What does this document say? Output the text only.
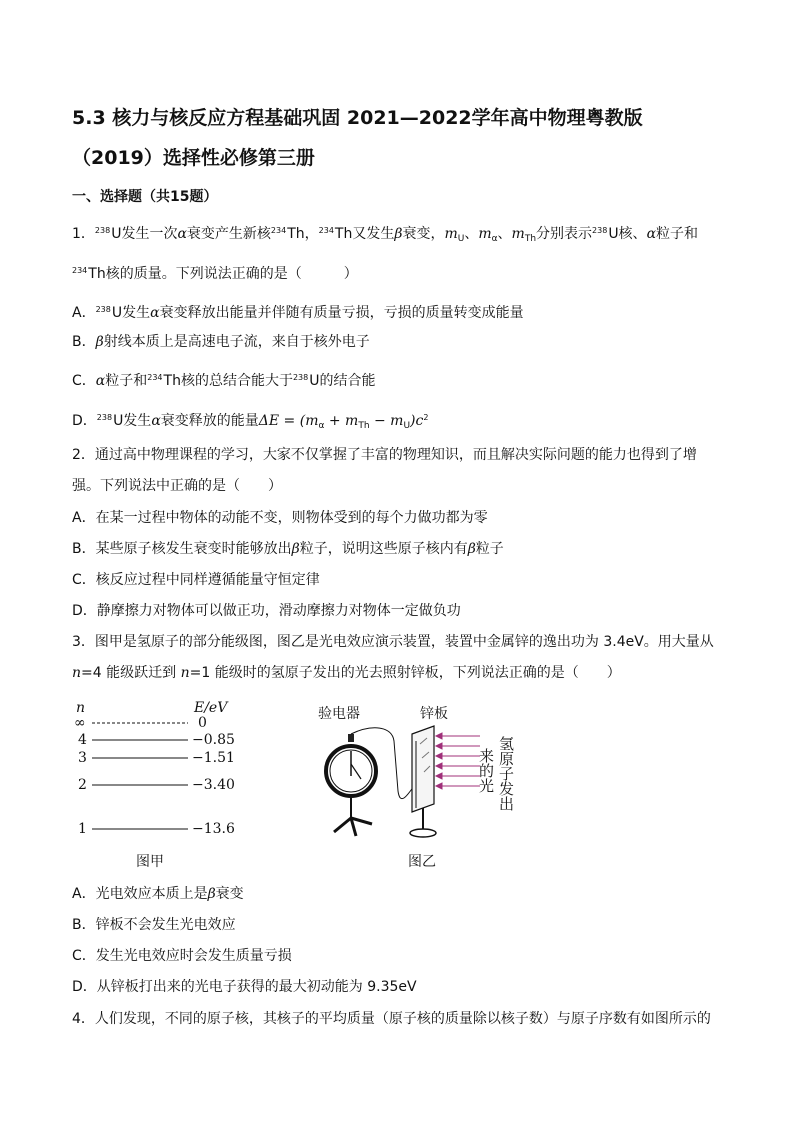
5.3 核力与核反应方程基础巩固 2021—2022学年高中物理粤教版
（2019）选择性必修第三册
一、选择题（共15题）
1．$^{238}$U发生一次α衰变产生新核$^{234}$Th，$^{234}$Th又发生β衰变，$m_U$、$m_\alpha$、$m_{Th}$分别表示$^{238}$U核、α粒子和
$^{234}$Th核的质量。下列说法正确的是（　　　）
A．$^{238}$U发生α衰变释放出能量并伴随有质量亏损，亏损的质量转变成能量
B．β射线本质上是高速电子流，来自于核外电子
C．α粒子和$^{234}$Th核的总结合能大于$^{238}$U的结合能
D．$^{238}$U发生α衰变释放的能量$\Delta E = (m_\alpha + m_{Th} - m_U)c^2$
2．通过高中物理课程的学习，大家不仅掌握了丰富的物理知识，而且解决实际问题的能力也得到了增
强。下列说法中正确的是（　　）
A．在某一过程中物体的动能不变，则物体受到的每个力做功都为零
B．某些原子核发生衰变时能够放出β粒子，说明这些原子核内有β粒子
C．核反应过程中同样遵循能量守恒定律
D．静摩擦力对物体可以做正功，滑动摩擦力对物体一定做负功
3．图甲是氢原子的部分能级图，图乙是光电效应演示装置，装置中金属锌的逸出功为 3.4eV。用大量从
n=4 能级跃迁到 n=1 能级时的氢原子发出的光去照射锌板，下列说法正确的是（　　）
n	E/eV
∞	0
4	−0.85
3	−1.51
2	−3.40
1	−13.6
图甲
验电器	锌板
来的光 氢原子发出
图乙
A．光电效应本质上是β衰变
B．锌板不会发生光电效应
C．发生光电效应时会发生质量亏损
D．从锌板打出来的光电子获得的最大初动能为 9.35eV
4．人们发现，不同的原子核，其核子的平均质量（原子核的质量除以核子数）与原子序数有如图所示的
